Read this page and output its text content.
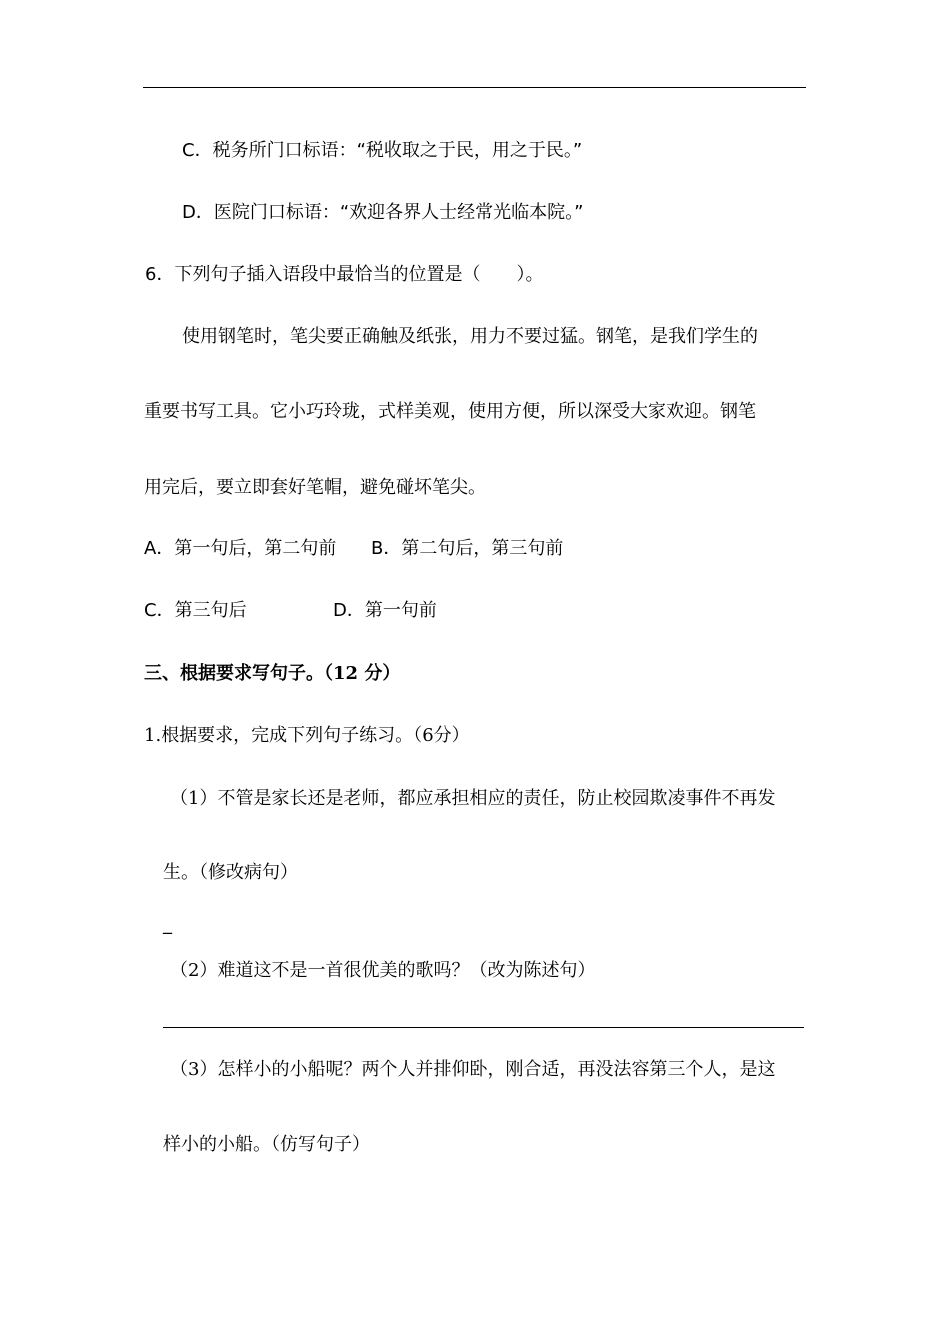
C．税务所门口标语：“税收取之于民，用之于民。”
D．医院门口标语：“欢迎各界人士经常光临本院。”
6．下列句子插入语段中最恰当的位置是（　　）。
使用钢笔时，笔尖要正确触及纸张，用力不要过猛。钢笔，是我们学生的
重要书写工具。它小巧玲珑，式样美观，使用方便，所以深受大家欢迎。钢笔
用完后，要立即套好笔帽，避免碰坏笔尖。
A．第一句后，第二句前 B．第二句后，第三句前
C．第三句后	D．第一句前
三、根据要求写句子。（12 分）
1.根据要求，完成下列句子练习。（6分）
（1）不管是家长还是老师，都应承担相应的责任，防止校园欺凌事件不再发
生。（修改病句）
_
（2）难道这不是一首很优美的歌吗？（改为陈述句）
（3）怎样小的小船呢？两个人并排仰卧，刚合适，再没法容第三个人，是这
样小的小船。（仿写句子）
